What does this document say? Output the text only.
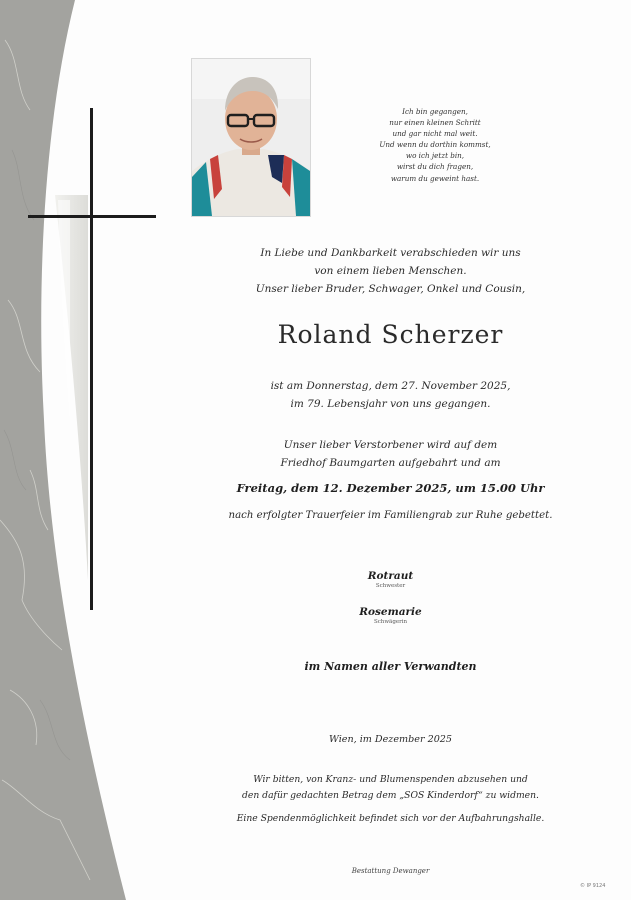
Ich bin gegangen,
nur einen kleinen Schritt
und gar nicht mal weit.
Und wenn du dorthin kommst,
wo ich jetzt bin,
wirst du dich fragen,
warum du geweint hast.
In Liebe und Dankbarkeit verabschieden wir uns
von einem lieben Menschen.
Unser lieber Bruder, Schwager, Onkel und Cousin,
Roland Scherzer
ist am Donnerstag, dem 27. November 2025,
im 79. Lebensjahr von uns gegangen.
Unser lieber Verstorbener wird auf dem
Friedhof Baumgarten aufgebahrt und am
Freitag, dem 12. Dezember 2025, um 15.00 Uhr
nach erfolgter Trauerfeier im Familiengrab zur Ruhe gebettet.
Rotraut
Schwester
Rosemarie
Schwägerin
im Namen aller Verwandten
Wien, im Dezember 2025
Wir bitten, von Kranz- und Blumenspenden abzusehen und
den dafür gedachten Betrag dem „SOS Kinderdorf“ zu widmen.
Eine Spendenmöglichkeit befindet sich vor der Aufbahrungshalle.
Bestattung Dewanger
© IP 9124
